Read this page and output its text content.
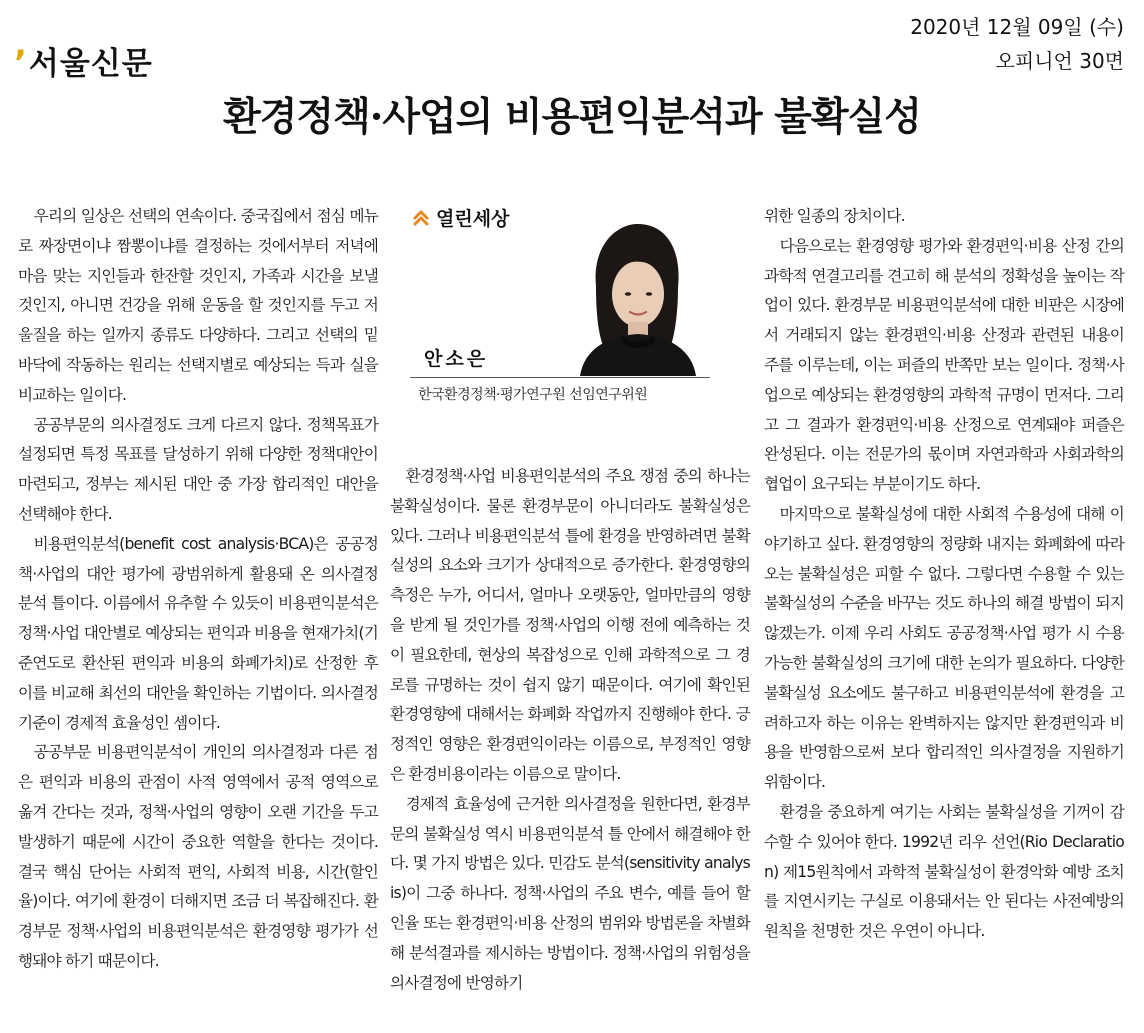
’서울신문
2020년 12월 09일 (수)
오피니언 30면
환경정책·사업의 비용편익분석과 불확실성

우리의 일상은 선택의 연속이다. 중국집에서 점심 메뉴로 짜장면이냐 짬뽕이냐를 결정하는 것에서부터 저녁에 마음 맞는 지인들과 한잔할 것인지, 가족과 시간을 보낼 것인지, 아니면 건강을 위해 운동을 할 것인지를 두고 저울질을 하는 일까지 종류도 다양하다. 그리고 선택의 밑바닥에 작동하는 원리는 선택지별로 예상되는 득과 실을 비교하는 일이다.

공공부문의 의사결정도 크게 다르지 않다. 정책목표가 설정되면 특정 목표를 달성하기 위해 다양한 정책대안이 마련되고, 정부는 제시된 대안 중 가장 합리적인 대안을 선택해야 한다.

비용편익분석(benefit cost analysis·BCA)은 공공정책·사업의 대안 평가에 광범위하게 활용돼 온 의사결정 분석 틀이다. 이름에서 유추할 수 있듯이 비용편익분석은 정책·사업 대안별로 예상되는 편익과 비용을 현재가치(기준연도로 환산된 편익과 비용의 화폐가치)로 산정한 후 이를 비교해 최선의 대안을 확인하는 기법이다. 의사결정 기준이 경제적 효율성인 셈이다.

공공부문 비용편익분석이 개인의 의사결정과 다른 점은 편익과 비용의 관점이 사적 영역에서 공적 영역으로 옮겨 간다는 것과, 정책·사업의 영향이 오랜 기간을 두고 발생하기 때문에 시간이 중요한 역할을 한다는 것이다. 결국 핵심 단어는 사회적 편익, 사회적 비용, 시간(할인율)이다. 여기에 환경이 더해지면 조금 더 복잡해진다. 환경부문 정책·사업의 비용편익분석은 환경영향 평가가 선행돼야 하기 때문이다.

열린세상
안소은
한국환경정책·평가연구원 선임연구위원

환경정책·사업 비용편익분석의 주요 쟁점 중의 하나는 불확실성이다. 물론 환경부문이 아니더라도 불확실성은 있다. 그러나 비용편익분석 틀에 환경을 반영하려면 불확실성의 요소와 크기가 상대적으로 증가한다. 환경영향의 측정은 누가, 어디서, 얼마나 오랫동안, 얼마만큼의 영향을 받게 될 것인가를 정책·사업의 이행 전에 예측하는 것이 필요한데, 현상의 복잡성으로 인해 과학적으로 그 경로를 규명하는 것이 쉽지 않기 때문이다. 여기에 확인된 환경영향에 대해서는 화폐화 작업까지 진행해야 한다. 긍정적인 영향은 환경편익이라는 이름으로, 부정적인 영향은 환경비용이라는 이름으로 말이다.

경제적 효율성에 근거한 의사결정을 원한다면, 환경부문의 불확실성 역시 비용편익분석 틀 안에서 해결해야 한다. 몇 가지 방법은 있다. 민감도 분석(sensitivity analysis)이 그중 하나다. 정책·사업의 주요 변수, 예를 들어 할인율 또는 환경편익·비용 산정의 범위와 방법론을 차별화해 분석결과를 제시하는 방법이다. 정책·사업의 위험성을 의사결정에 반영하기

위한 일종의 장치이다.

다음으로는 환경영향 평가와 환경편익·비용 산정 간의 과학적 연결고리를 견고히 해 분석의 정확성을 높이는 작업이 있다. 환경부문 비용편익분석에 대한 비판은 시장에서 거래되지 않는 환경편익·비용 산정과 관련된 내용이 주를 이루는데, 이는 퍼즐의 반쪽만 보는 일이다. 정책·사업으로 예상되는 환경영향의 과학적 규명이 먼저다. 그리고 그 결과가 환경편익·비용 산정으로 연계돼야 퍼즐은 완성된다. 이는 전문가의 몫이며 자연과학과 사회과학의 협업이 요구되는 부분이기도 하다.

마지막으로 불확실성에 대한 사회적 수용성에 대해 이야기하고 싶다. 환경영향의 정량화 내지는 화폐화에 따라오는 불확실성은 피할 수 없다. 그렇다면 수용할 수 있는 불확실성의 수준을 바꾸는 것도 하나의 해결 방법이 되지 않겠는가. 이제 우리 사회도 공공정책·사업 평가 시 수용 가능한 불확실성의 크기에 대한 논의가 필요하다. 다양한 불확실성 요소에도 불구하고 비용편익분석에 환경을 고려하고자 하는 이유는 완벽하지는 않지만 환경편익과 비용을 반영함으로써 보다 합리적인 의사결정을 지원하기 위함이다.

환경을 중요하게 여기는 사회는 불확실성을 기꺼이 감수할 수 있어야 한다. 1992년 리우 선언(Rio Declaration) 제15원칙에서 과학적 불확실성이 환경악화 예방 조치를 지연시키는 구실로 이용돼서는 안 된다는 사전예방의 원칙을 천명한 것은 우연이 아니다.
